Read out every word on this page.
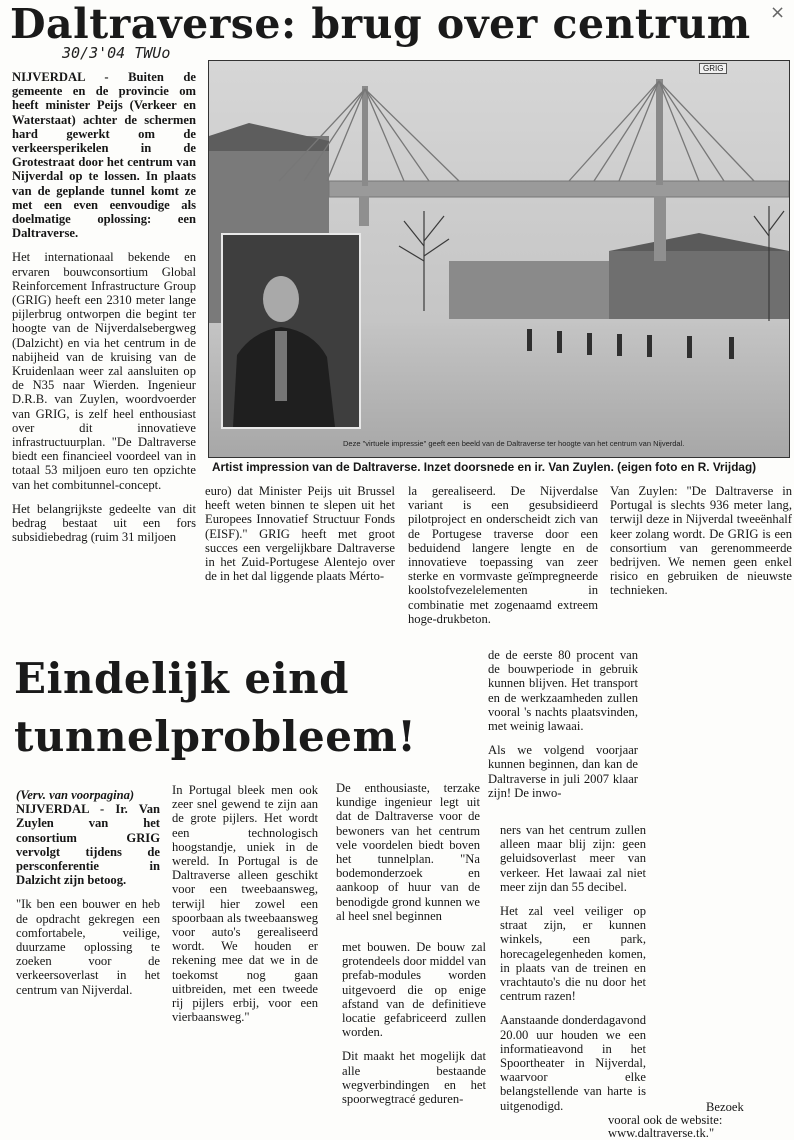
Daltraverse: brug over centrum ×
30/3'04 TWUo

NIJVERDAL - Buiten de gemeente en de provincie om heeft minister Peijs (Verkeer en Waterstaat) achter de schermen hard gewerkt om de verkeersperikelen in de Grotestraat door het centrum van Nijverdal op te lossen. In plaats van de geplande tunnel komt ze met een even eenvoudige als doelmatige oplossing: een Daltraverse.

Het internationaal bekende en ervaren bouwconsortium Global Reinforcement Infrastructure Group (GRIG) heeft een 2310 meter lange pijlerbrug ontworpen die begint ter hoogte van de Nijverdalsebergweg (Dalzicht) en via het centrum in de nabijheid van de kruising van de Kruidenlaan weer zal aansluiten op de N35 naar Wierden. Ingenieur D.R.B. van Zuylen, woordvoerder van GRIG, is zelf heel enthousiast over dit innovatieve infrastructuurplan. "De Daltraverse biedt een financieel voordeel van in totaal 53 miljoen euro ten opzichte van het combitunnel-concept.

Het belangrijkste gedeelte van dit bedrag bestaat uit een fors subsidiebedrag (ruim 31 miljoen

GRIG
Deze "virtuele impressie" geeft een beeld van de Daltraverse ter hoogte van het centrum van Nijverdal.
Artist impression van de Daltraverse. Inzet doorsnede en ir. Van Zuylen. (eigen foto en R. Vrijdag)
euro) dat Minister Peijs uit Brussel heeft weten binnen te slepen uit het Europees Innovatief Structuur Fonds (EISF)." GRIG heeft met groot succes een vergelijkbare Daltraverse in het Zuid-Portugese Alentejo over de in het dal liggende plaats Mérto-
la gerealiseerd. De Nijverdalse variant is een gesubsidieerd pilotproject en onderscheidt zich van de Portugese traverse door een beduidend langere lengte en de innovatieve toepassing van zeer sterke en vormvaste geïmpregneerde koolstofvezelelementen in combinatie met zogenaamd extreem hoge-drukbeton.
Van Zuylen: "De Daltraverse in Portugal is slechts 936 meter lang, terwijl deze in Nijverdal tweeënhalf keer zolang wordt. De GRIG is een consortium van gerenommeerde bedrijven. We nemen geen enkel risico en gebruiken de nieuwste technieken.
Eindelijk eind
tunnelprobleem!

(Verv. van voorpagina)

NIJVERDAL - Ir. Van Zuylen van het consortium GRIG vervolgt tijdens de persconferentie in Dalzicht zijn betoog.

"Ik ben een bouwer en heb de opdracht gekregen een comfortabele, veilige, duurzame oplossing te zoeken voor de verkeersoverlast in het centrum van Nijverdal.

In Portugal bleek men ook zeer snel gewend te zijn aan de grote pijlers. Het wordt een technologisch hoogstandje, uniek in de wereld. In Portugal is de Daltraverse alleen geschikt voor een tweebaansweg, terwijl hier zowel een spoorbaan als tweebaansweg voor auto's gerealiseerd wordt. We houden er rekening mee dat we in de toekomst nog gaan uitbreiden, met een tweede rij pijlers erbij, voor een vierbaansweg."
De enthousiaste, terzake kundige ingenieur legt uit dat de Daltraverse voor de bewoners van het centrum vele voordelen biedt boven het tunnelplan. "Na bodemonderzoek en aankoop of huur van de benodigde grond kunnen we al heel snel beginnen

met bouwen. De bouw zal grotendeels door middel van prefab-modules worden uitgevoerd die op enige afstand van de definitieve locatie gefabriceerd zullen worden.

Dit maakt het mogelijk dat alle bestaande wegverbindingen en het spoorwegtracé geduren-

de de eerste 80 procent van de bouwperiode in gebruik kunnen blijven. Het transport en de werkzaamheden zullen vooral 's nachts plaatsvinden, met weinig lawaai.

Als we volgend voorjaar kunnen beginnen, dan kan de Daltraverse in juli 2007 klaar zijn! De inwo-

ners van het centrum zullen alleen maar blij zijn: geen geluidsoverlast meer van verkeer. Het lawaai zal niet meer zijn dan 55 decibel.

Het zal veel veiliger op straat zijn, er kunnen winkels, een park, horecagelegenheden komen, in plaats van de treinen en vrachtauto's die nu door het centrum razen!

Aanstaande donderdagavond 20.00 uur houden we een informatieavond in het Spoortheater in Nijverdal, waarvoor elke belangstellende van harte is uitgenodigd.	Bezoek
vooral ook de website:
www.daltraverse.tk."
